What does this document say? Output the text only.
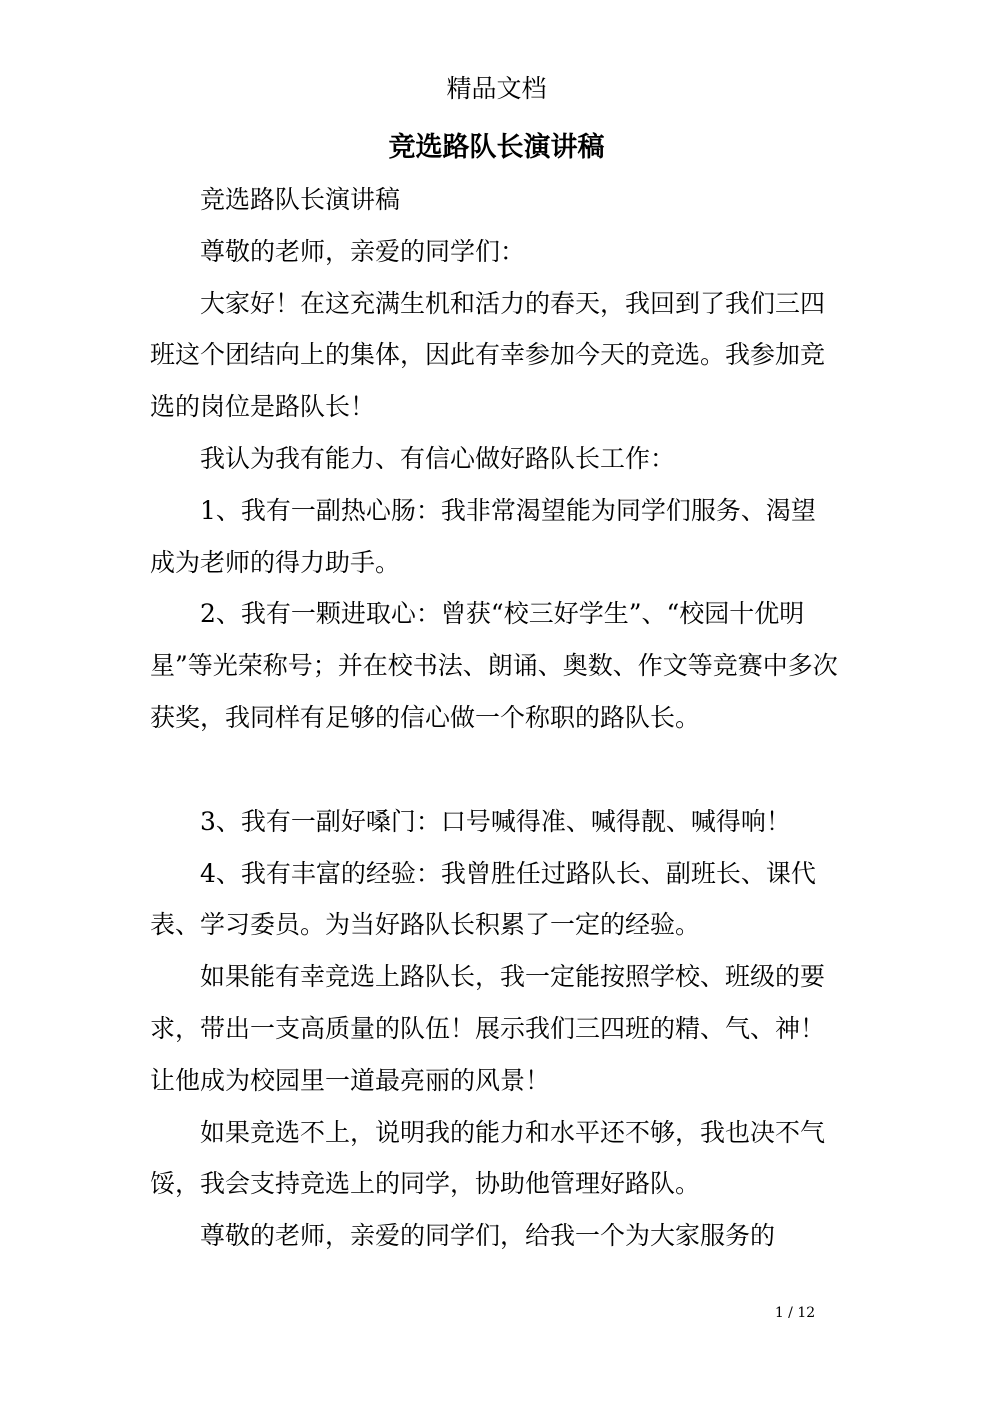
精品文档
竞选路队长演讲稿

竞选路队长演讲稿

尊敬的老师，亲爱的同学们：

大家好！在这充满生机和活力的春天，我回到了我们三四班这个团结向上的集体，因此有幸参加今天的竞选。我参加竞选的岗位是路队长！

我认为我有能力、有信心做好路队长工作：

1、我有一副热心肠：我非常渴望能为同学们服务、渴望成为老师的得力助手。

2、我有一颗进取心：曾获“校三好学生”、“校园十优明星”等光荣称号；并在校书法、朗诵、奥数、作文等竞赛中多次获奖，我同样有足够的信心做一个称职的路队长。

3、我有一副好嗓门：口号喊得准、喊得靓、喊得响！

4、我有丰富的经验：我曾胜任过路队长、副班长、课代表、学习委员。为当好路队长积累了一定的经验。

如果能有幸竞选上路队长，我一定能按照学校、班级的要求，带出一支高质量的队伍！展示我们三四班的精、气、神！让他成为校园里一道最亮丽的风景！

如果竞选不上，说明我的能力和水平还不够，我也决不气馁，我会支持竞选上的同学，协助他管理好路队。

尊敬的老师，亲爱的同学们，给我一个为大家服务的

1 / 12
